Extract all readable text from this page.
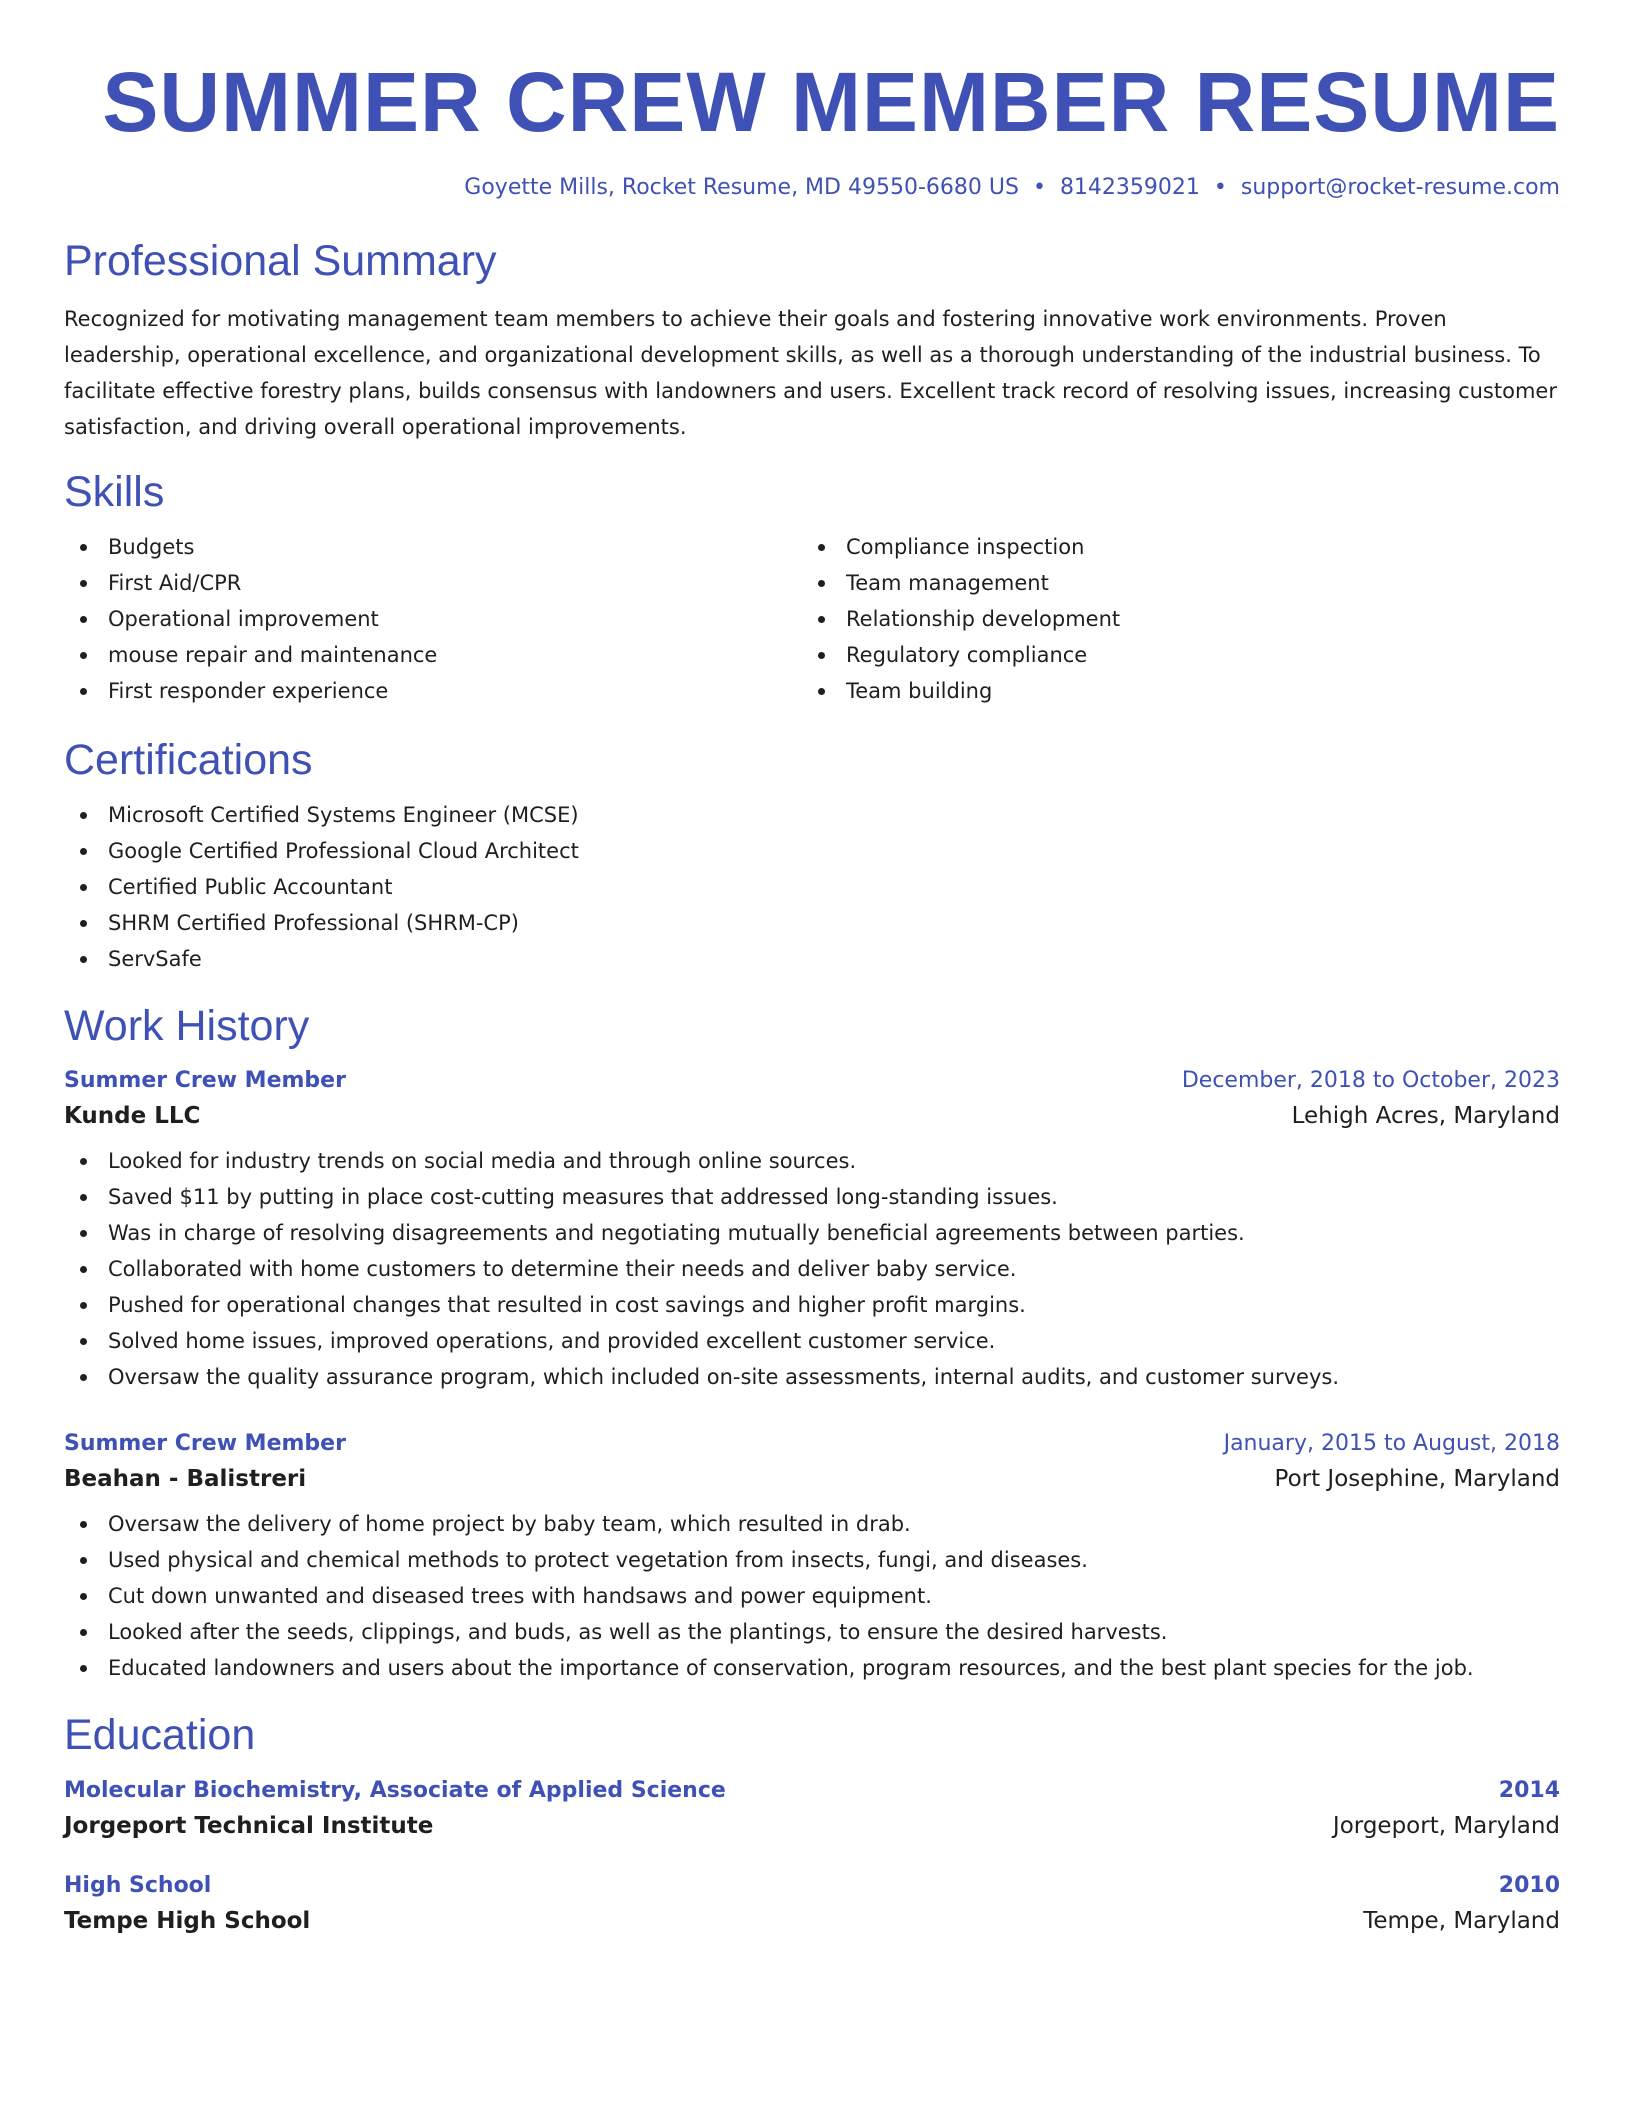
SUMMER CREW MEMBER RESUME
Goyette Mills, Rocket Resume, MD 49550-6680 US • 8142359021 • support@rocket-resume.com
Professional Summary

Recognized for motivating management team members to achieve their goals and fostering innovative work environments. Proven leadership, operational excellence, and organizational development skills, as well as a thorough understanding of the industrial business. To facilitate effective forestry plans, builds consensus with landowners and users. Excellent track record of resolving issues, increasing customer satisfaction, and driving overall operational improvements.

Skills
Budgets
First Aid/CPR
Operational improvement
mouse repair and maintenance
First responder experience
Compliance inspection
Team management
Relationship development
Regulatory compliance
Team building
Certifications
Microsoft Certified Systems Engineer (MCSE)
Google Certified Professional Cloud Architect
Certified Public Accountant
SHRM Certified Professional (SHRM-CP)
ServSafe
Work History
Summer Crew Member	December, 2018 to October, 2023
Kunde LLC	Lehigh Acres, Maryland
Looked for industry trends on social media and through online sources.
Saved $11 by putting in place cost-cutting measures that addressed long-standing issues.
Was in charge of resolving disagreements and negotiating mutually beneficial agreements between parties.
Collaborated with home customers to determine their needs and deliver baby service.
Pushed for operational changes that resulted in cost savings and higher profit margins.
Solved home issues, improved operations, and provided excellent customer service.
Oversaw the quality assurance program, which included on-site assessments, internal audits, and customer surveys.
Summer Crew Member	January, 2015 to August, 2018
Beahan - Balistreri	Port Josephine, Maryland
Oversaw the delivery of home project by baby team, which resulted in drab.
Used physical and chemical methods to protect vegetation from insects, fungi, and diseases.
Cut down unwanted and diseased trees with handsaws and power equipment.
Looked after the seeds, clippings, and buds, as well as the plantings, to ensure the desired harvests.
Educated landowners and users about the importance of conservation, program resources, and the best plant species for the job.
Education
Molecular Biochemistry, Associate of Applied Science	2014
Jorgeport Technical Institute	Jorgeport, Maryland
High School	2010
Tempe High School	Tempe, Maryland
